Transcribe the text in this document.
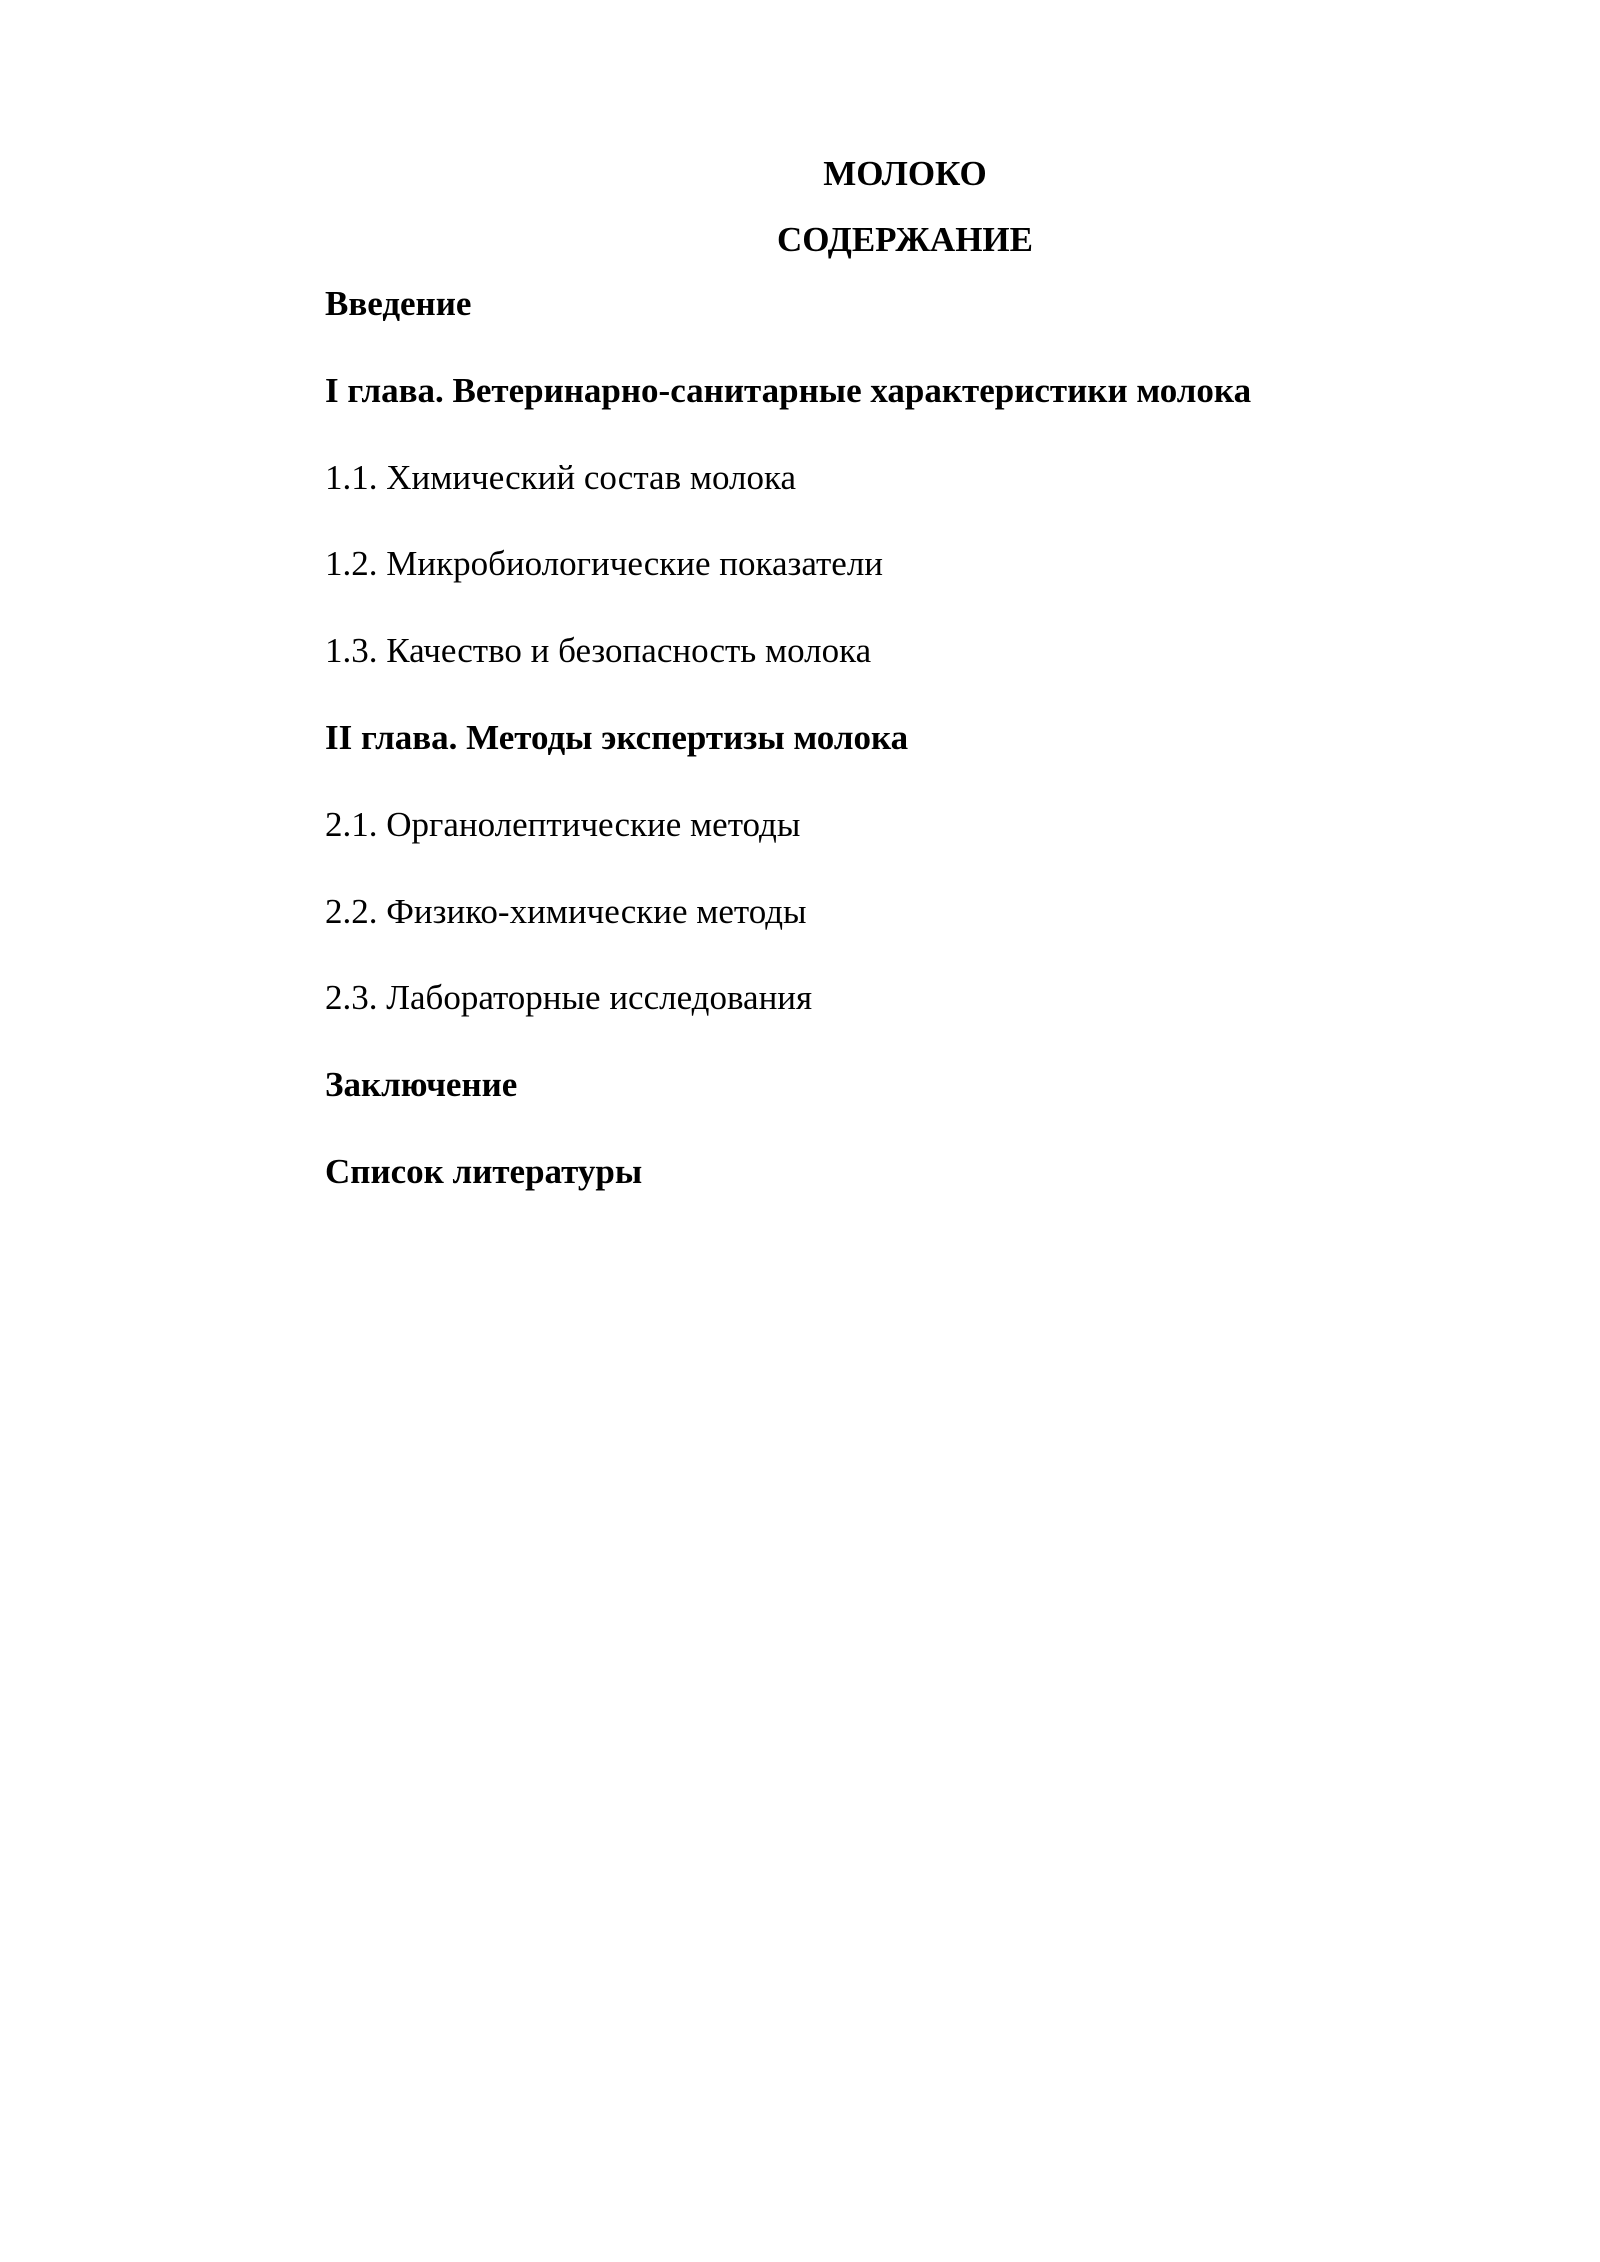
МОЛОКО
СОДЕРЖАНИЕ
Введение
I глава. Ветеринарно-санитарные характеристики молока
1.1. Химический состав молока
1.2. Микробиологические показатели
1.3. Качество и безопасность молока
II глава. Методы экспертизы молока
2.1. Органолептические методы
2.2. Физико-химические методы
2.3. Лабораторные исследования
Заключение
Список литературы
